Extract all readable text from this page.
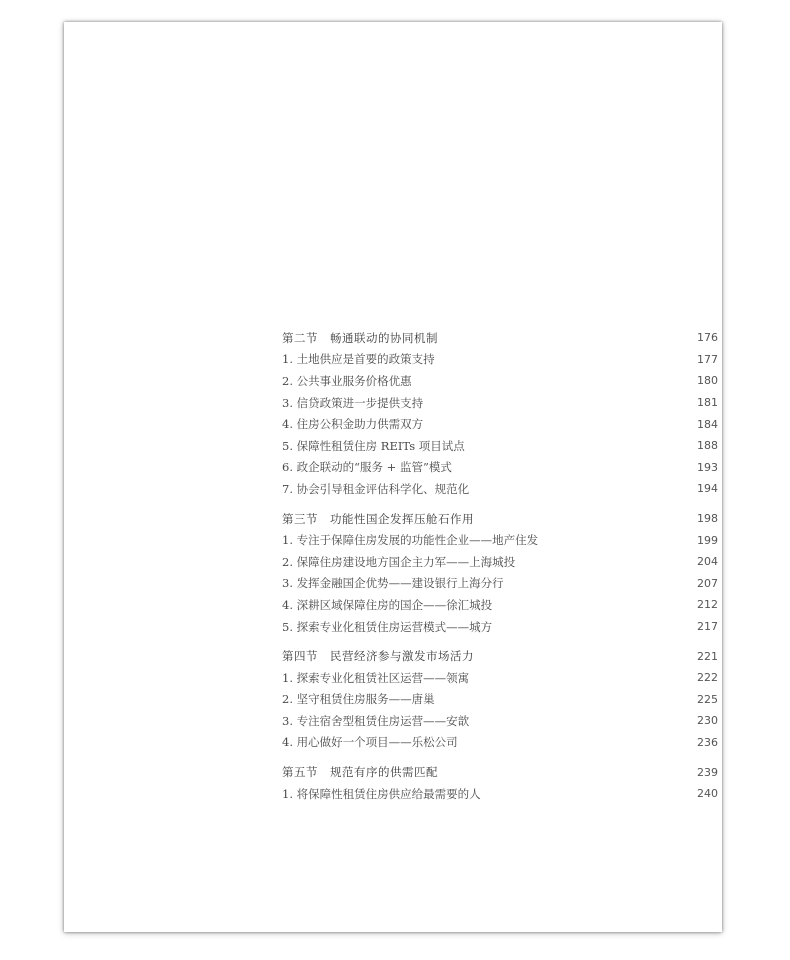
第二节　畅通联动的协同机制	176
1. 土地供应是首要的政策支持	177
2. 公共事业服务价格优惠	180
3. 信贷政策进一步提供支持	181
4. 住房公积金助力供需双方	184
5. 保障性租赁住房 REITs 项目试点	188
6. 政企联动的“服务 + 监管”模式	193
7. 协会引导租金评估科学化、规范化	194
第三节　功能性国企发挥压舱石作用	198
1. 专注于保障住房发展的功能性企业——地产住发	199
2. 保障住房建设地方国企主力军——上海城投	204
3. 发挥金融国企优势——建设银行上海分行	207
4. 深耕区域保障住房的国企——徐汇城投	212
5. 探索专业化租赁住房运营模式——城方	217
第四节　民营经济参与激发市场活力	221
1. 探索专业化租赁社区运营——领寓	222
2. 坚守租赁住房服务——唐巢	225
3. 专注宿舍型租赁住房运营——安歆	230
4. 用心做好一个项目——乐松公司	236
第五节　规范有序的供需匹配	239
1. 将保障性租赁住房供应给最需要的人	240
